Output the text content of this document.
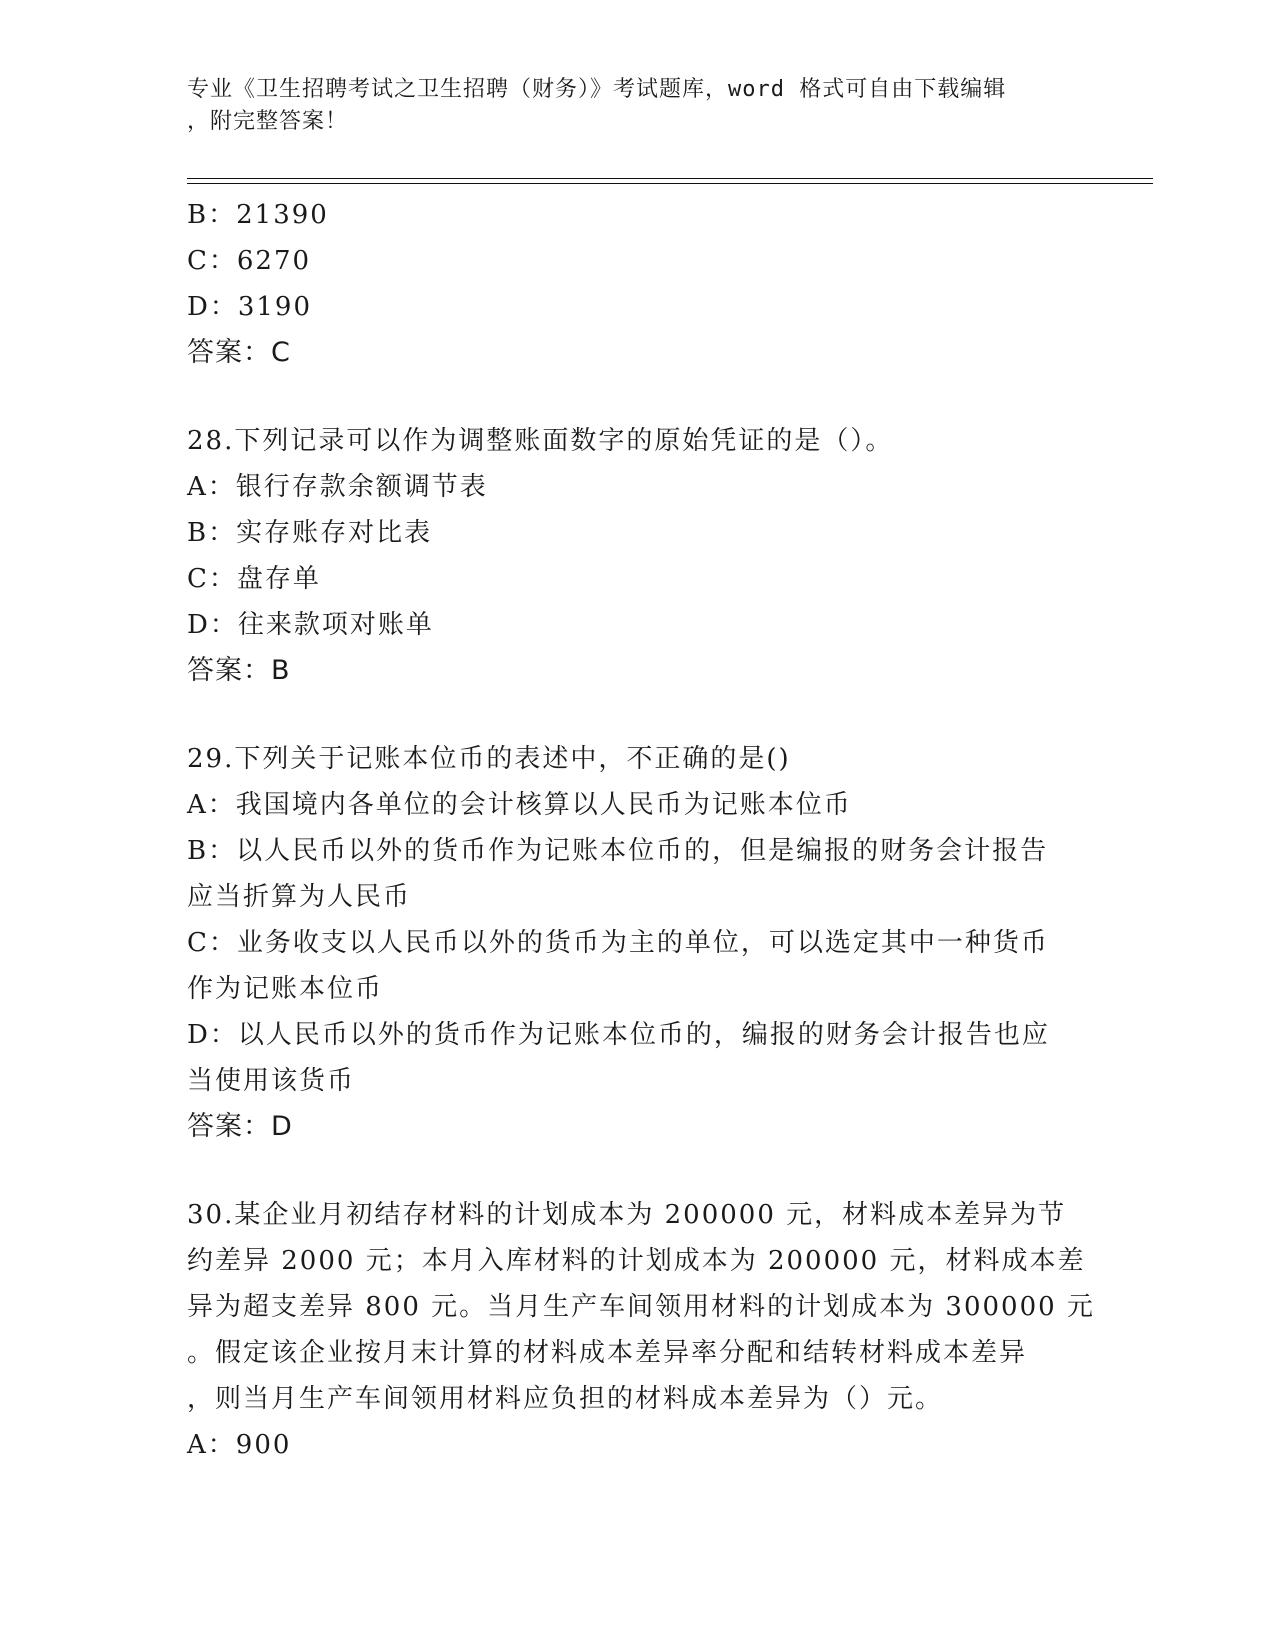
专业《卫生招聘考试之卫生招聘（财务）》考试题库，word 格式可自由下载编辑
，附完整答案！
B：21390
C：6270
D：3190
答案：C
28.下列记录可以作为调整账面数字的原始凭证的是（）。
A：银行存款余额调节表
B：实存账存对比表
C：盘存单
D：往来款项对账单
答案：B
29.下列关于记账本位币的表述中，不正确的是()
A：我国境内各单位的会计核算以人民币为记账本位币
B：以人民币以外的货币作为记账本位币的，但是编报的财务会计报告
应当折算为人民币
C：业务收支以人民币以外的货币为主的单位，可以选定其中一种货币
作为记账本位币
D：以人民币以外的货币作为记账本位币的，编报的财务会计报告也应
当使用该货币
答案：D
30.某企业月初结存材料的计划成本为 200000 元，材料成本差异为节
约差异 2000 元；本月入库材料的计划成本为 200000 元，材料成本差
异为超支差异 800 元。当月生产车间领用材料的计划成本为 300000 元
。假定该企业按月末计算的材料成本差异率分配和结转材料成本差异
，则当月生产车间领用材料应负担的材料成本差异为（）元。
A：900
